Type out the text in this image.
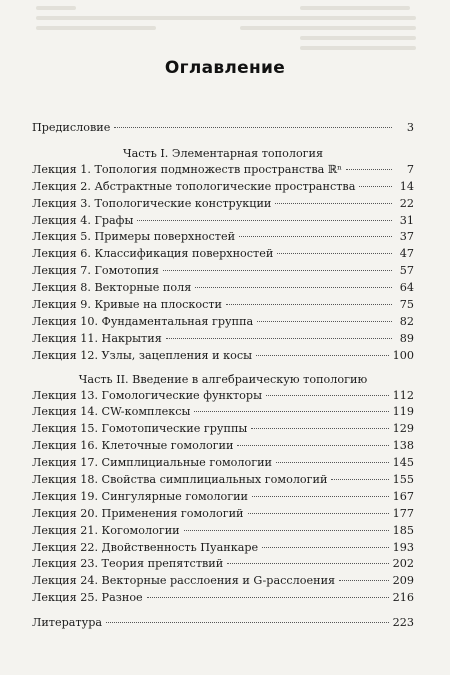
Оглавление
Предисловие	3
Часть I. Элементарная топология
Лекция 1. Топология подмножеств пространства ℝⁿ	7
Лекция 2. Абстрактные топологические пространства	14
Лекция 3. Топологические конструкции	22
Лекция 4. Графы	31
Лекция 5. Примеры поверхностей	37
Лекция 6. Классификация поверхностей	47
Лекция 7. Гомотопия	57
Лекция 8. Векторные поля	64
Лекция 9. Кривые на плоскости	75
Лекция 10. Фундаментальная группа	82
Лекция 11. Накрытия	89
Лекция 12. Узлы, зацепления и косы	100
Часть II. Введение в алгебраическую топологию
Лекция 13. Гомологические функторы	112
Лекция 14. CW-комплексы	119
Лекция 15. Гомотопические группы	129
Лекция 16. Клеточные гомологии	138
Лекция 17. Симплициальные гомологии	145
Лекция 18. Свойства симплициальных гомологий	155
Лекция 19. Сингулярные гомологии	167
Лекция 20. Применения гомологий	177
Лекция 21. Когомологии	185
Лекция 22. Двойственность Пуанкаре	193
Лекция 23. Теория препятствий	202
Лекция 24. Векторные расслоения и G-расслоения	209
Лекция 25. Разное	216
Литература	223
